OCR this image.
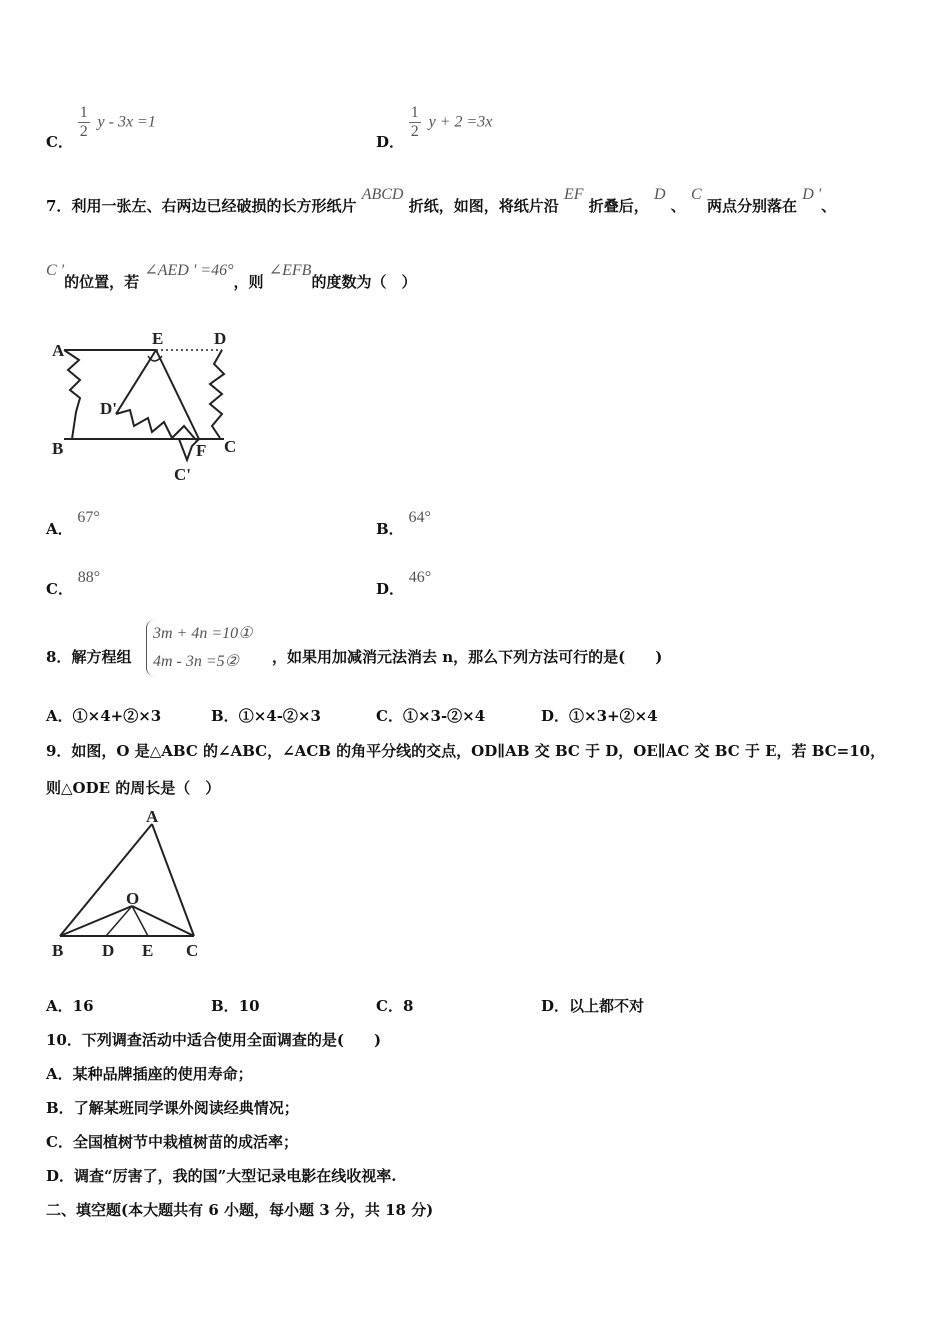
C．
$\frac{1}{2}$ y - 3x =1
D．
$\frac{1}{2}$ y + 2 =3x
7．利用一张左、右两边已经破损的长方形纸片 ABCD 折纸，如图，将纸片沿 EF 折叠后， D 、 C 两点分别落在 D '、
C '的位置，若 ∠AED ' =46°，则 ∠EFB的度数为（　）
A
E	D
D'
B	F C
C'
A． 67°
B． 64°
C． 88°
D． 46°
8．解方程组
3m + 4n =10①
4m - 3n =5②	，如果用加减消元法消去 n，那么下列方法可行的是(　　)
A．①×4+②×3	B．①×4-②×3	C．①×3-②×4	D．①×3+②×4
9．如图，O 是△ABC 的∠ABC，∠ACB 的角平分线的交点，OD∥AB 交 BC 于 D，OE∥AC 交 BC 于 E，若 BC=10，
则△ODE 的周长是（　）
A
O
B D E C
A．16	B．10	C．8	D．以上都不对
10．下列调查活动中适合使用全面调查的是(　　)
A．某种品牌插座的使用寿命；
B．了解某班同学课外阅读经典情况；
C．全国植树节中栽植树苗的成活率；
D．调查“厉害了，我的国”大型记录电影在线收视率.
二、填空题(本大题共有 6 小题，每小题 3 分，共 18 分)
